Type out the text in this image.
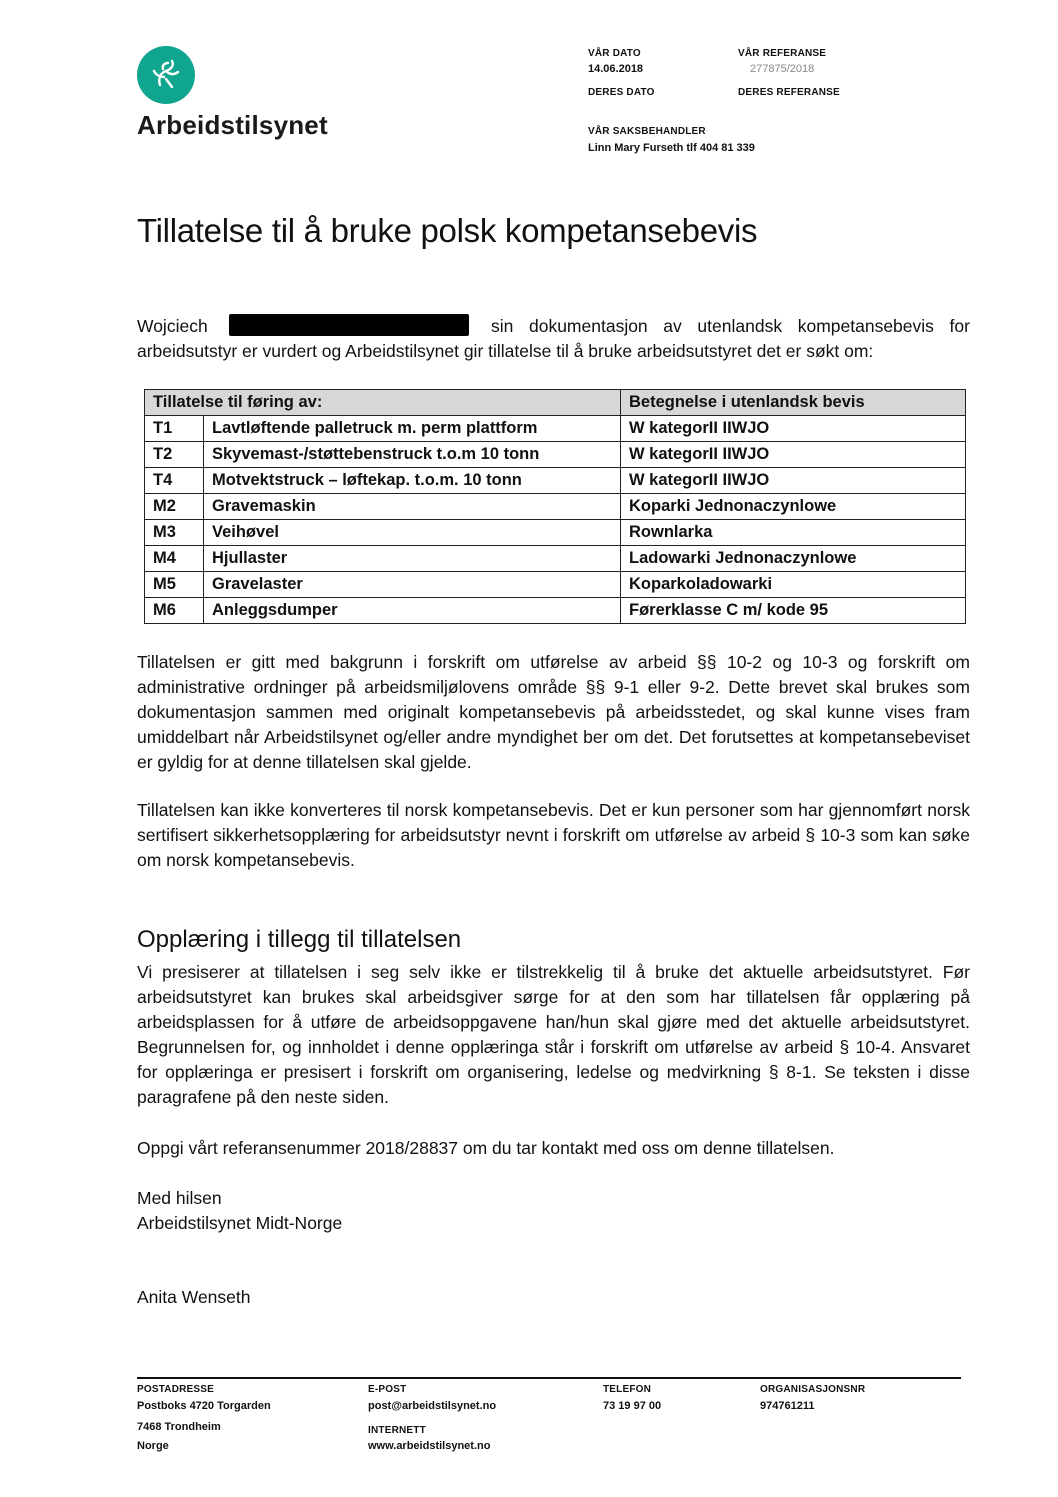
Arbeidstilsynet
VÅR DATO
14.06.2018
VÅR REFERANSE
277875/2018
DERES DATO	DERES REFERANSE
VÅR SAKSBEHANDLER
Linn Mary Furseth tlf 404 81 339
Tillatelse til å bruke polsk kompetansebevis
Wojciech	sin dokumentasjon av utenlandsk kompetansebevis for arbeidsutstyr er vurdert og Arbeidstilsynet gir tillatelse til å bruke arbeidsutstyret det er søkt om:
Tillatelse til føring av:		Betegnelse i utenlandsk bevis
T1	Lavtløftende palletruck m. perm plattform	W kategorII IIWJO
T2	Skyvemast-/støttebenstruck t.o.m 10 tonn	W kategorII IIWJO
T4	Motvektstruck – løftekap. t.o.m. 10 tonn	W kategorII IIWJO
M2	Gravemaskin	Koparki Jednonaczynlowe
M3	Veihøvel	Rownlarka
M4	Hjullaster	Ladowarki Jednonaczynlowe
M5	Gravelaster	Koparkoladowarki
M6	Anleggsdumper	Førerklasse C m/ kode 95
Tillatelsen er gitt med bakgrunn i forskrift om utførelse av arbeid §§ 10-2 og 10-3 og forskrift om administrative ordninger på arbeidsmiljølovens område §§ 9-1 eller 9-2. Dette brevet skal brukes som dokumentasjon sammen med originalt kompetansebevis på arbeidsstedet, og skal kunne vises fram umiddelbart når Arbeidstilsynet og/eller andre myndighet ber om det. Det forutsettes at kompetansebeviset er gyldig for at denne tillatelsen skal gjelde.
Tillatelsen kan ikke konverteres til norsk kompetansebevis. Det er kun personer som har gjennomført norsk sertifisert sikkerhetsopplæring for arbeidsutstyr nevnt i forskrift om utførelse av arbeid § 10-3 som kan søke om norsk kompetansebevis.
Opplæring i tillegg til tillatelsen
Vi presiserer at tillatelsen i seg selv ikke er tilstrekkelig til å bruke det aktuelle arbeidsutstyret. Før arbeidsutstyret kan brukes skal arbeidsgiver sørge for at den som har tillatelsen får opplæring på arbeidsplassen for å utføre de arbeidsoppgavene han/hun skal gjøre med det aktuelle arbeidsutstyret. Begrunnelsen for, og innholdet i denne opplæringa står i forskrift om utførelse av arbeid § 10-4. Ansvaret for opplæringa er presisert i forskrift om organisering, ledelse og medvirkning § 8-1. Se teksten i disse paragrafene på den neste siden.
Oppgi vårt referansenummer 2018/28837 om du tar kontakt med oss om denne tillatelsen.
Med hilsen
Arbeidstilsynet Midt-Norge
Anita Wenseth
POSTADRESSE
Postboks 4720 Torgarden
7468 Trondheim
Norge
E-POST
post@arbeidstilsynet.no
INTERNETT
www.arbeidstilsynet.no
TELEFON
73 19 97 00
ORGANISASJONSNR
974761211
